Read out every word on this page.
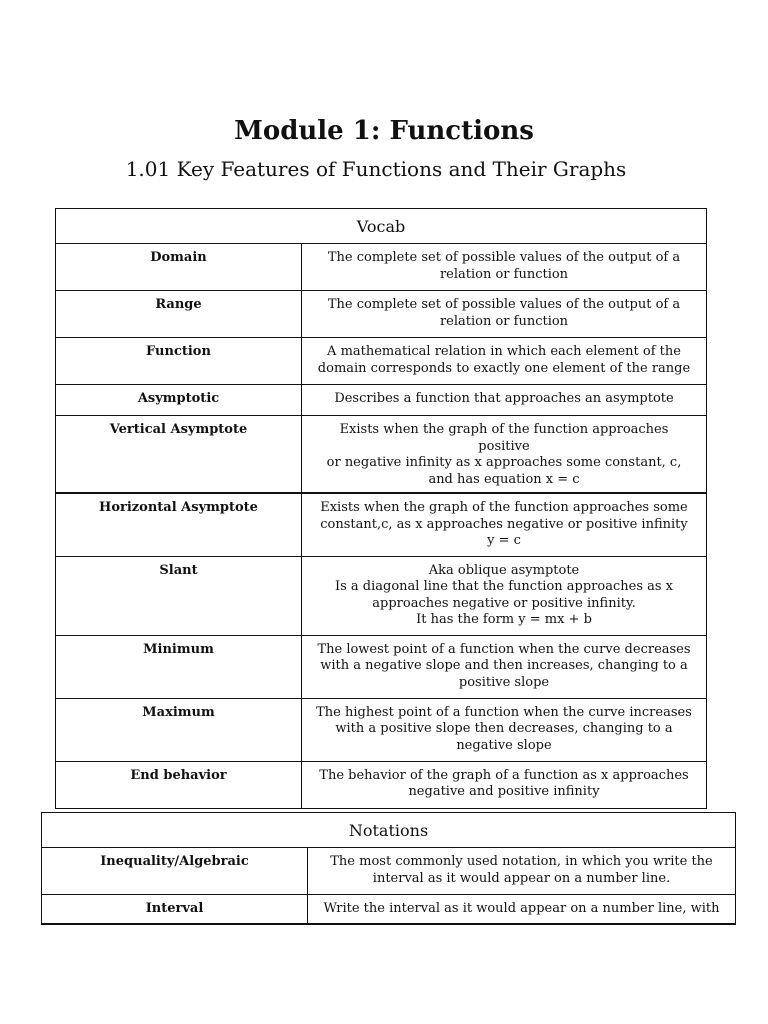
Module 1: Functions
1.01 Key Features of Functions and Their Graphs
Vocab	
Domain	The complete set of possible values of the output of a
relation or function

Range	The complete set of possible values of the output of a
relation or function

Function	A mathematical relation in which each element of the
domain corresponds to exactly one element of the range

Asymptotic	Describes a function that approaches an asymptote

Vertical Asymptote	Exists when the graph of the function approaches positive
or negative infinity as x approaches some constant, c,
and has equation x = c

Horizontal Asymptote	Exists when the graph of the function approaches some
constant,c, as x approaches negative or positive infinity
y = c

Slant	Aka oblique asymptote
Is a diagonal line that the function approaches as x
approaches negative or positive infinity.
It has the form y = mx + b

Minimum	The lowest point of a function when the curve decreases
with a negative slope and then increases, changing to a
positive slope

Maximum	The highest point of a function when the curve increases
with a positive slope then decreases, changing to a
negative slope

End behavior	The behavior of the graph of a function as x approaches
negative and positive infinity
Notations	
Inequality/Algebraic	The most commonly used notation, in which you write the
interval as it would appear on a number line.

Interval	Write the interval as it would appear on a number line, with
